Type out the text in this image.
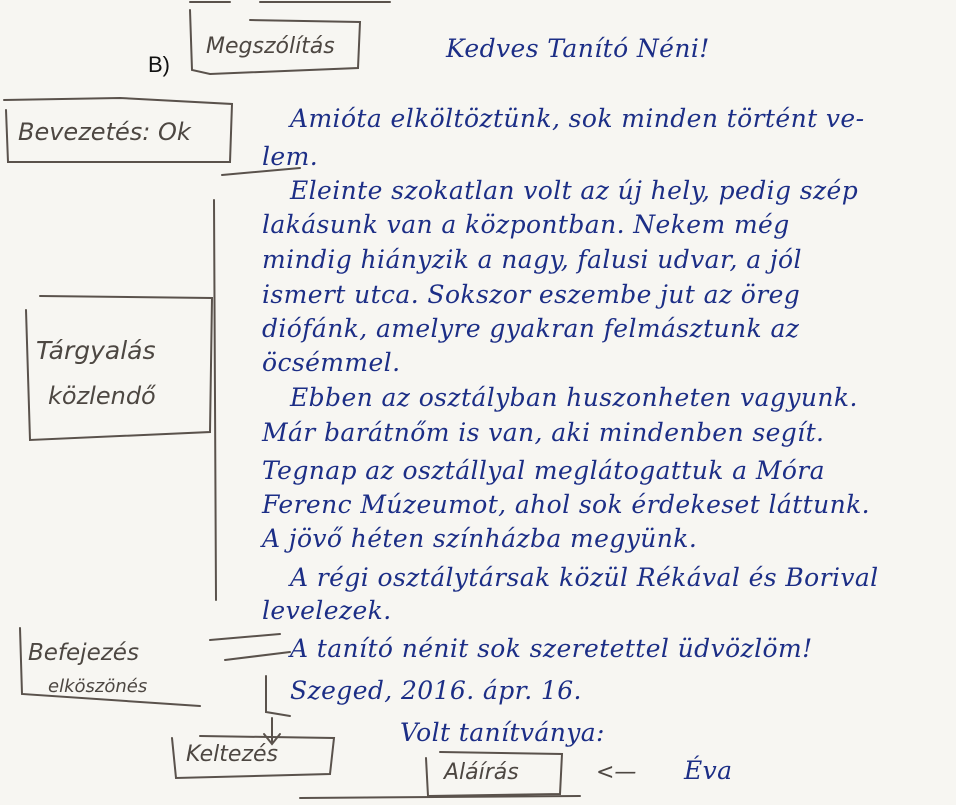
B)
Megszólítás
Bevezetés: Ok
Tárgyalás
közlendő
Befejezés
elköszönés
Keltezés
Aláírás	<—
Kedves Tanító Néni!
Amióta elköltöztünk, sok minden történt ve-
lem.
Eleinte szokatlan volt az új hely, pedig szép
lakásunk van a központban. Nekem még
mindig hiányzik a nagy, falusi udvar, a jól
ismert utca. Sokszor eszembe jut az öreg
diófánk, amelyre gyakran felmásztunk az
öcsémmel.
Ebben az osztályban huszonheten vagyunk.
Már barátnőm is van, aki mindenben segít.
Tegnap az osztállyal meglátogattuk a Móra
Ferenc Múzeumot, ahol sok érdekeset láttunk.
A jövő héten színházba megyünk.
A régi osztálytársak közül Rékával és Borival
levelezek.
A tanító nénit sok szeretettel üdvözlöm!
Szeged, 2016. ápr. 16.
Volt tanítványa:
Éva
